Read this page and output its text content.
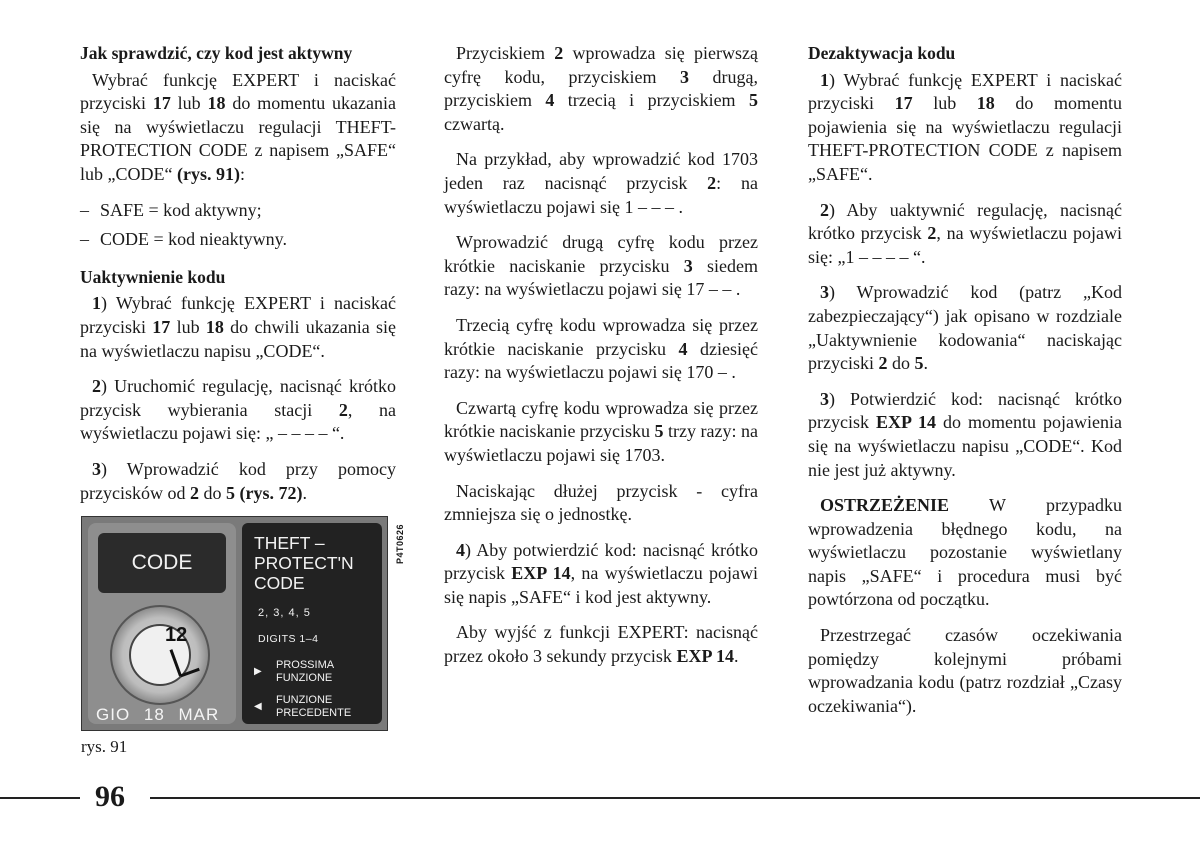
Jak sprawdzić, czy kod jest aktywny

Wybrać funkcję EXPERT i naciskać przyciski 17 lub 18 do momentu ukazania się na wyświetlaczu regulacji THEFT-PROTECTION CODE z napisem „SAFE“ lub „CODE“ (rys. 91):

–  SAFE = kod aktywny;
–  CODE = kod nieaktywny.
Uaktywnienie kodu

1) Wybrać funkcję EXPERT i naciskać przyciski 17 lub 18 do chwili ukazania się na wyświetlaczu napisu „CODE“.

2) Uruchomić regulację, nacisnąć krótko przycisk wybierania stacji 2, na wyświetlaczu pojawi się: „ – – – – “.

3) Wprowadzić kod przy pomocy przycisków od 2 do 5 (rys. 72).

CODE
12
GIO 18 MAR
THEFT –
PROTECT'N
CODE
2, 3, 4, 5
DIGITS 1–4
▶
PROSSIMA
FUNZIONE
◀
FUNZIONE
PRECEDENTE
P4T0626
rys. 91

Przyciskiem 2 wprowadza się pierwszą cyfrę kodu, przyciskiem 3 drugą, przyciskiem 4 trzecią i przyciskiem 5 czwartą.

Na przykład, aby wprowadzić kod 1703 jeden raz nacisnąć przycisk 2: na wyświetlaczu pojawi się 1 – – – .

Wprowadzić drugą cyfrę kodu przez krótkie naciskanie przycisku 3 siedem razy: na wyświetlaczu pojawi się 17 – – .

Trzecią cyfrę kodu wprowadza się przez krótkie naciskanie przycisku 4 dziesięć razy: na wyświetlaczu pojawi się 170 – .

Czwartą cyfrę kodu wprowadza się przez krótkie naciskanie przycisku 5 trzy razy: na wyświetlaczu pojawi się 1703.

Naciskając dłużej przycisk - cyfra zmniejsza się o jednostkę.

4) Aby potwierdzić kod: nacisnąć krótko przycisk EXP 14, na wyświetlaczu pojawi się napis „SAFE“ i kod jest aktywny.

Aby wyjść z funkcji EXPERT: nacisnąć przez około 3 sekundy przycisk EXP 14.

Dezaktywacja kodu

1) Wybrać funkcję EXPERT i naciskać przyciski 17 lub 18 do momentu pojawienia się na wyświetlaczu regulacji THEFT-PROTECTION CODE z napisem „SAFE“.

2) Aby uaktywnić regulację, nacisnąć krótko przycisk 2, na wyświetlaczu pojawi się: „1 – – – – “.

3) Wprowadzić kod (patrz „Kod zabezpieczający“) jak opisano w rozdziale „Uaktywnienie kodowania“ naciskając przyciski 2 do 5.

3) Potwierdzić kod: nacisnąć krótko przycisk EXP 14 do momentu pojawienia się na wyświetlaczu napisu „CODE“. Kod nie jest już aktywny.

OSTRZEŻENIE W przypadku wprowadzenia błędnego kodu, na wyświetlaczu pozostanie wyświetlany napis „SAFE“ i procedura musi być powtórzona od początku.

Przestrzegać czasów oczekiwania pomiędzy kolejnymi próbami wprowadzania kodu (patrz rozdział „Czasy oczekiwania“).

96
